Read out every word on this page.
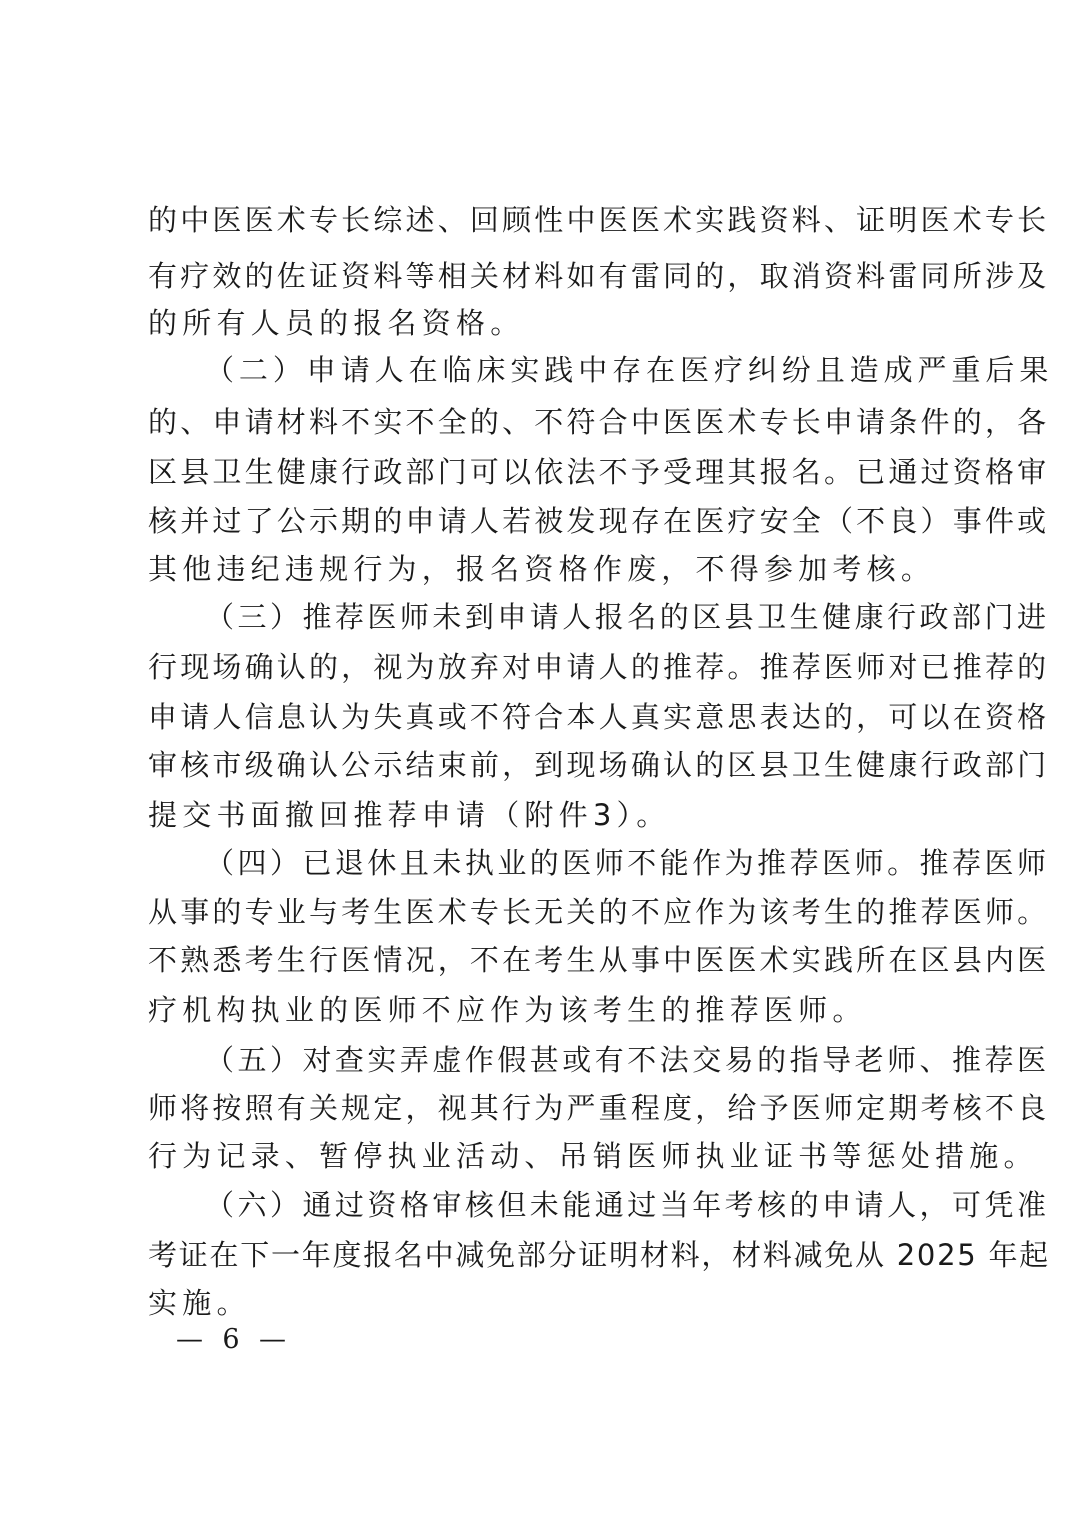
的中医医术专长综述、回顾性中医医术实践资料、证明医术专长
有疗效的佐证资料等相关材料如有雷同的，取消资料雷同所涉及
的所有人员的报名资格。
（二）申请人在临床实践中存在医疗纠纷且造成严重后果
的、申请材料不实不全的、不符合中医医术专长申请条件的，各
区县卫生健康行政部门可以依法不予受理其报名。已通过资格审
核并过了公示期的申请人若被发现存在医疗安全（不良）事件或
其他违纪违规行为，报名资格作废，不得参加考核。
（三）推荐医师未到申请人报名的区县卫生健康行政部门进
行现场确认的，视为放弃对申请人的推荐。推荐医师对已推荐的
申请人信息认为失真或不符合本人真实意思表达的，可以在资格
审核市级确认公示结束前，到现场确认的区县卫生健康行政部门
提交书面撤回推荐申请（附件3）。
（四）已退休且未执业的医师不能作为推荐医师。推荐医师
从事的专业与考生医术专长无关的不应作为该考生的推荐医师。
不熟悉考生行医情况，不在考生从事中医医术实践所在区县内医
疗机构执业的医师不应作为该考生的推荐医师。
（五）对查实弄虚作假甚或有不法交易的指导老师、推荐医
师将按照有关规定，视其行为严重程度，给予医师定期考核不良
行为记录、暂停执业活动、吊销医师执业证书等惩处措施。
（六）通过资格审核但未能通过当年考核的申请人，可凭准
考证在下一年度报名中减免部分证明材料，材料减免从 2025 年起
实施。
— 6 —
